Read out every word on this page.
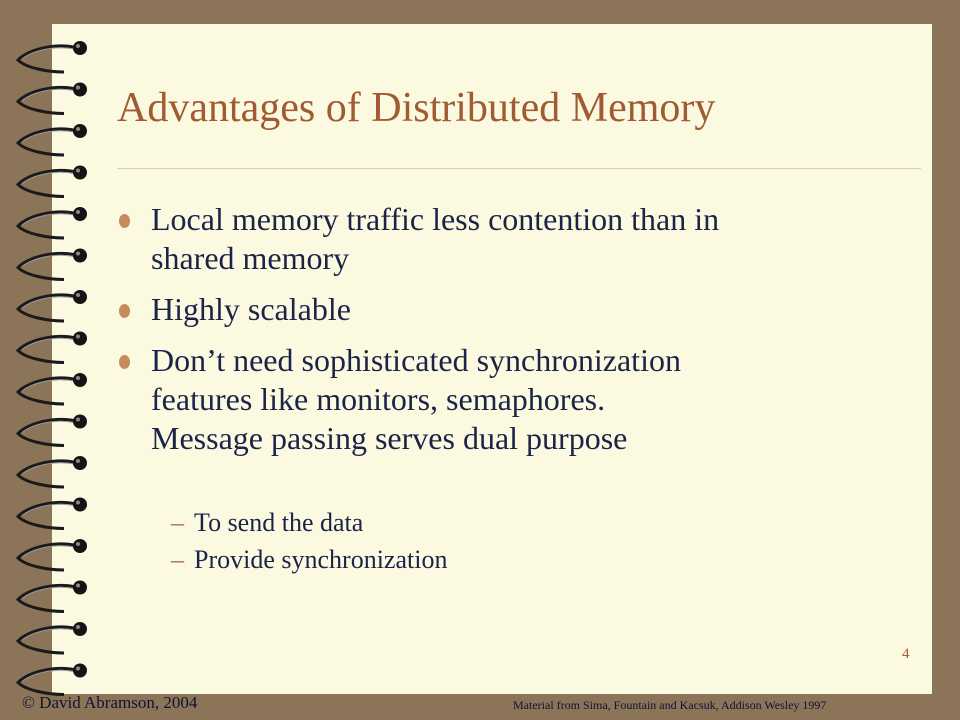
Advantages of Distributed Memory
Local memory traffic less contention than in
shared memory
Highly scalable
Don’t need sophisticated synchronization
features like monitors, semaphores.
Message passing serves dual purpose
– To send the data
– Provide synchronization
4
© David Abramson, 2004	Material from Sima, Fountain and Kacsuk, Addison Wesley 1997
